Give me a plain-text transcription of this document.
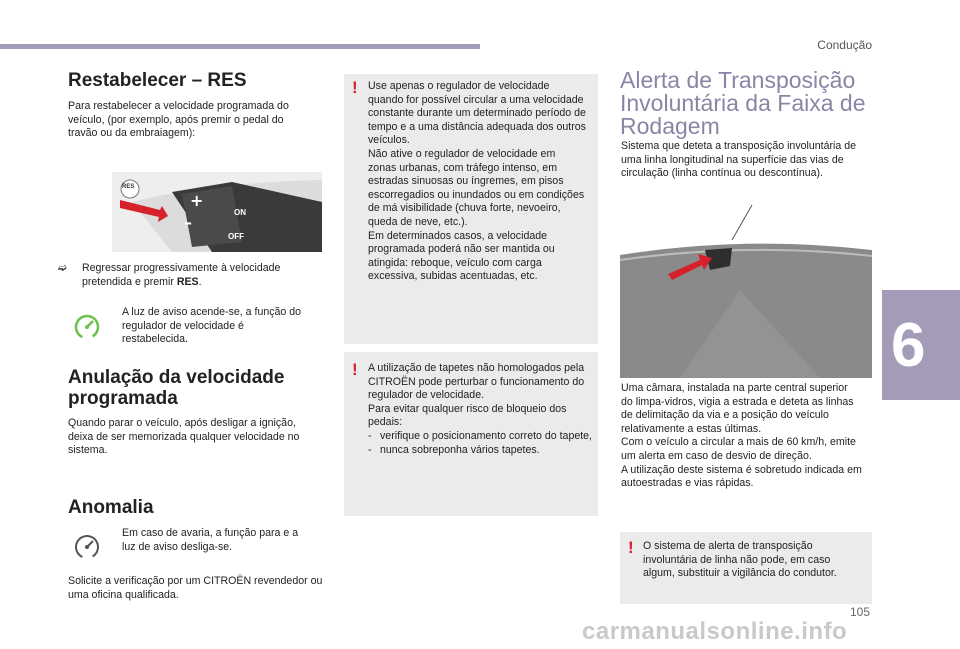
Condução
6
Restabelecer – RES
Para restabelecer a velocidade programada do veículo, (por exemplo, após premir o pedal do travão ou da embraiagem):
+
–
RES
ON
OFF
➫ Regressar progressivamente à velocidade pretendida e premir RES.
A luz de aviso acende-se, a função do regulador de velocidade é restabelecida.
Anulação da velocidade
programada
Quando parar o veículo, após desligar a ignição, deixa de ser memorizada qualquer velocidade no sistema.
Anomalia
Em caso de avaria, a função para e a luz de aviso desliga-se.
Solicite a verificação por um CITROËN revendedor ou uma oficina qualificada.
! Use apenas o regulador de velocidade
quando for possível circular a uma velocidade
constante durante um determinado período de
tempo e a uma distância adequada dos outros
veículos.
Não ative o regulador de velocidade em
zonas urbanas, com tráfego intenso, em
estradas sinuosas ou íngremes, em pisos
escorregadios ou inundados ou em condições
de má visibilidade (chuva forte, nevoeiro,
queda de neve, etc.).
Em determinados casos, a velocidade
programada poderá não ser mantida ou
atingida: reboque, veículo com carga
excessiva, subidas acentuadas, etc.
! A utilização de tapetes não homologados pela
CITROËN pode perturbar o funcionamento do
regulador de velocidade.
Para evitar qualquer risco de bloqueio dos
pedais:
- verifique o posicionamento correto do tapete,
- nunca sobreponha vários tapetes.
Alerta de Transposição
Involuntária da Faixa de
Rodagem
Sistema que deteta a transposição involuntária de uma linha longitudinal na superfície das vias de circulação (linha contínua ou descontínua).
Uma câmara, instalada na parte central superior
do limpa-vidros, vigia a estrada e deteta as linhas
de delimitação da via e a posição do veículo
relativamente a estas últimas.
Com o veículo a circular a mais de 60 km/h, emite
um alerta em caso de desvio de direção.
A utilização deste sistema é sobretudo indicada em
autoestradas e vias rápidas.
! O sistema de alerta de transposição
involuntária de linha não pode, em caso
algum, substituir a vigilância do condutor.
105
carmanualsonline.info
